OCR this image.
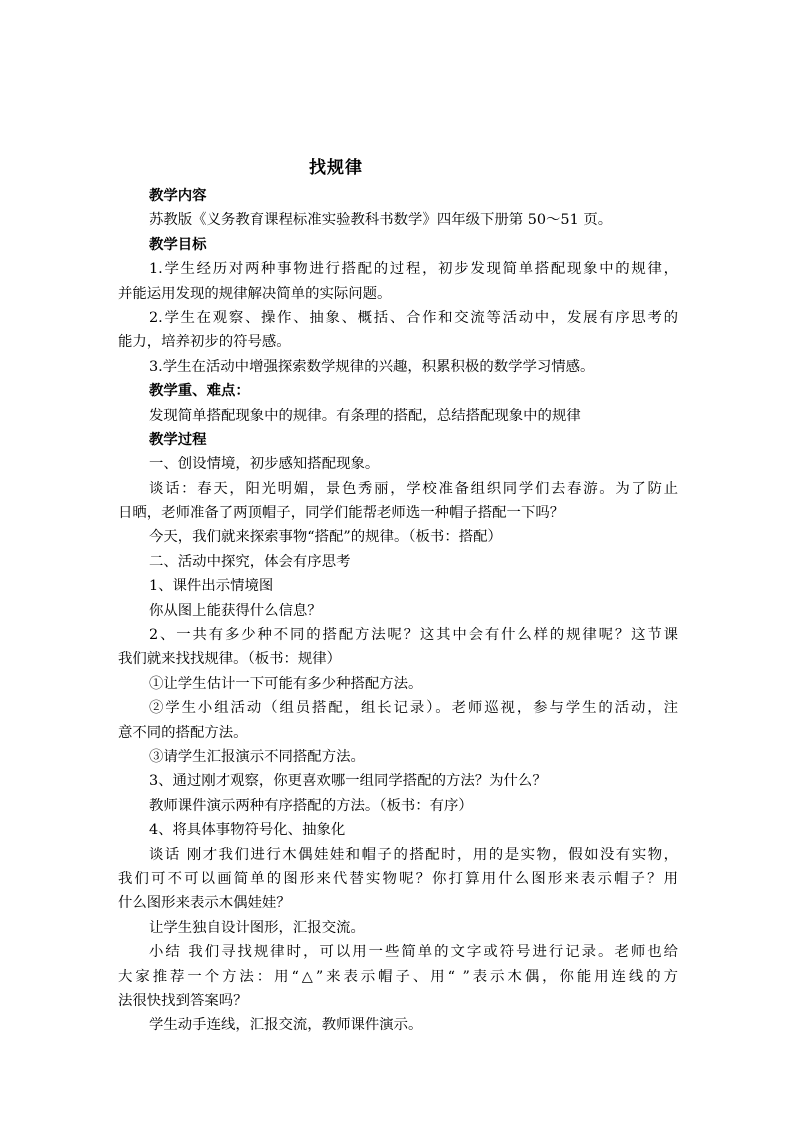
找规律
教学内容
苏教版《义务教育课程标准实验教科书数学》四年级下册第 50～51 页。
教学目标
1.学生经历对两种事物进行搭配的过程，初步发现简单搭配现象中的规律，
并能运用发现的规律解决简单的实际问题。
2.学生在观察、操作、抽象、概括、合作和交流等活动中，发展有序思考的
能力，培养初步的符号感。
3.学生在活动中增强探索数学规律的兴趣，积累积极的数学学习情感。
教学重、难点：
发现简单搭配现象中的规律。有条理的搭配，总结搭配现象中的规律
教学过程
一、创设情境，初步感知搭配现象。
谈话：春天，阳光明媚，景色秀丽，学校准备组织同学们去春游。为了防止
日晒，老师准备了两顶帽子，同学们能帮老师选一种帽子搭配一下吗？
今天，我们就来探索事物“搭配”的规律。（板书：搭配）
二、活动中探究，体会有序思考
1、课件出示情境图
你从图上能获得什么信息？
2、一共有多少种不同的搭配方法呢？这其中会有什么样的规律呢？这节课
我们就来找找规律。（板书：规律）
①让学生估计一下可能有多少种搭配方法。
②学生小组活动（组员搭配，组长记录）。老师巡视，参与学生的活动，注
意不同的搭配方法。
③请学生汇报演示不同搭配方法。
3、通过刚才观察，你更喜欢哪一组同学搭配的方法？为什么？
教师课件演示两种有序搭配的方法。（板书：有序）
4、将具体事物符号化、抽象化
谈话 刚才我们进行木偶娃娃和帽子的搭配时，用的是实物，假如没有实物，
我们可不可以画简单的图形来代替实物呢？你打算用什么图形来表示帽子？用
什么图形来表示木偶娃娃？
让学生独自设计图形，汇报交流。
小结 我们寻找规律时，可以用一些简单的文字或符号进行记录。老师也给
大家推荐一个方法：用“△”来表示帽子、用“ ”表示木偶，你能用连线的方
法很快找到答案吗？
学生动手连线，汇报交流，教师课件演示。
